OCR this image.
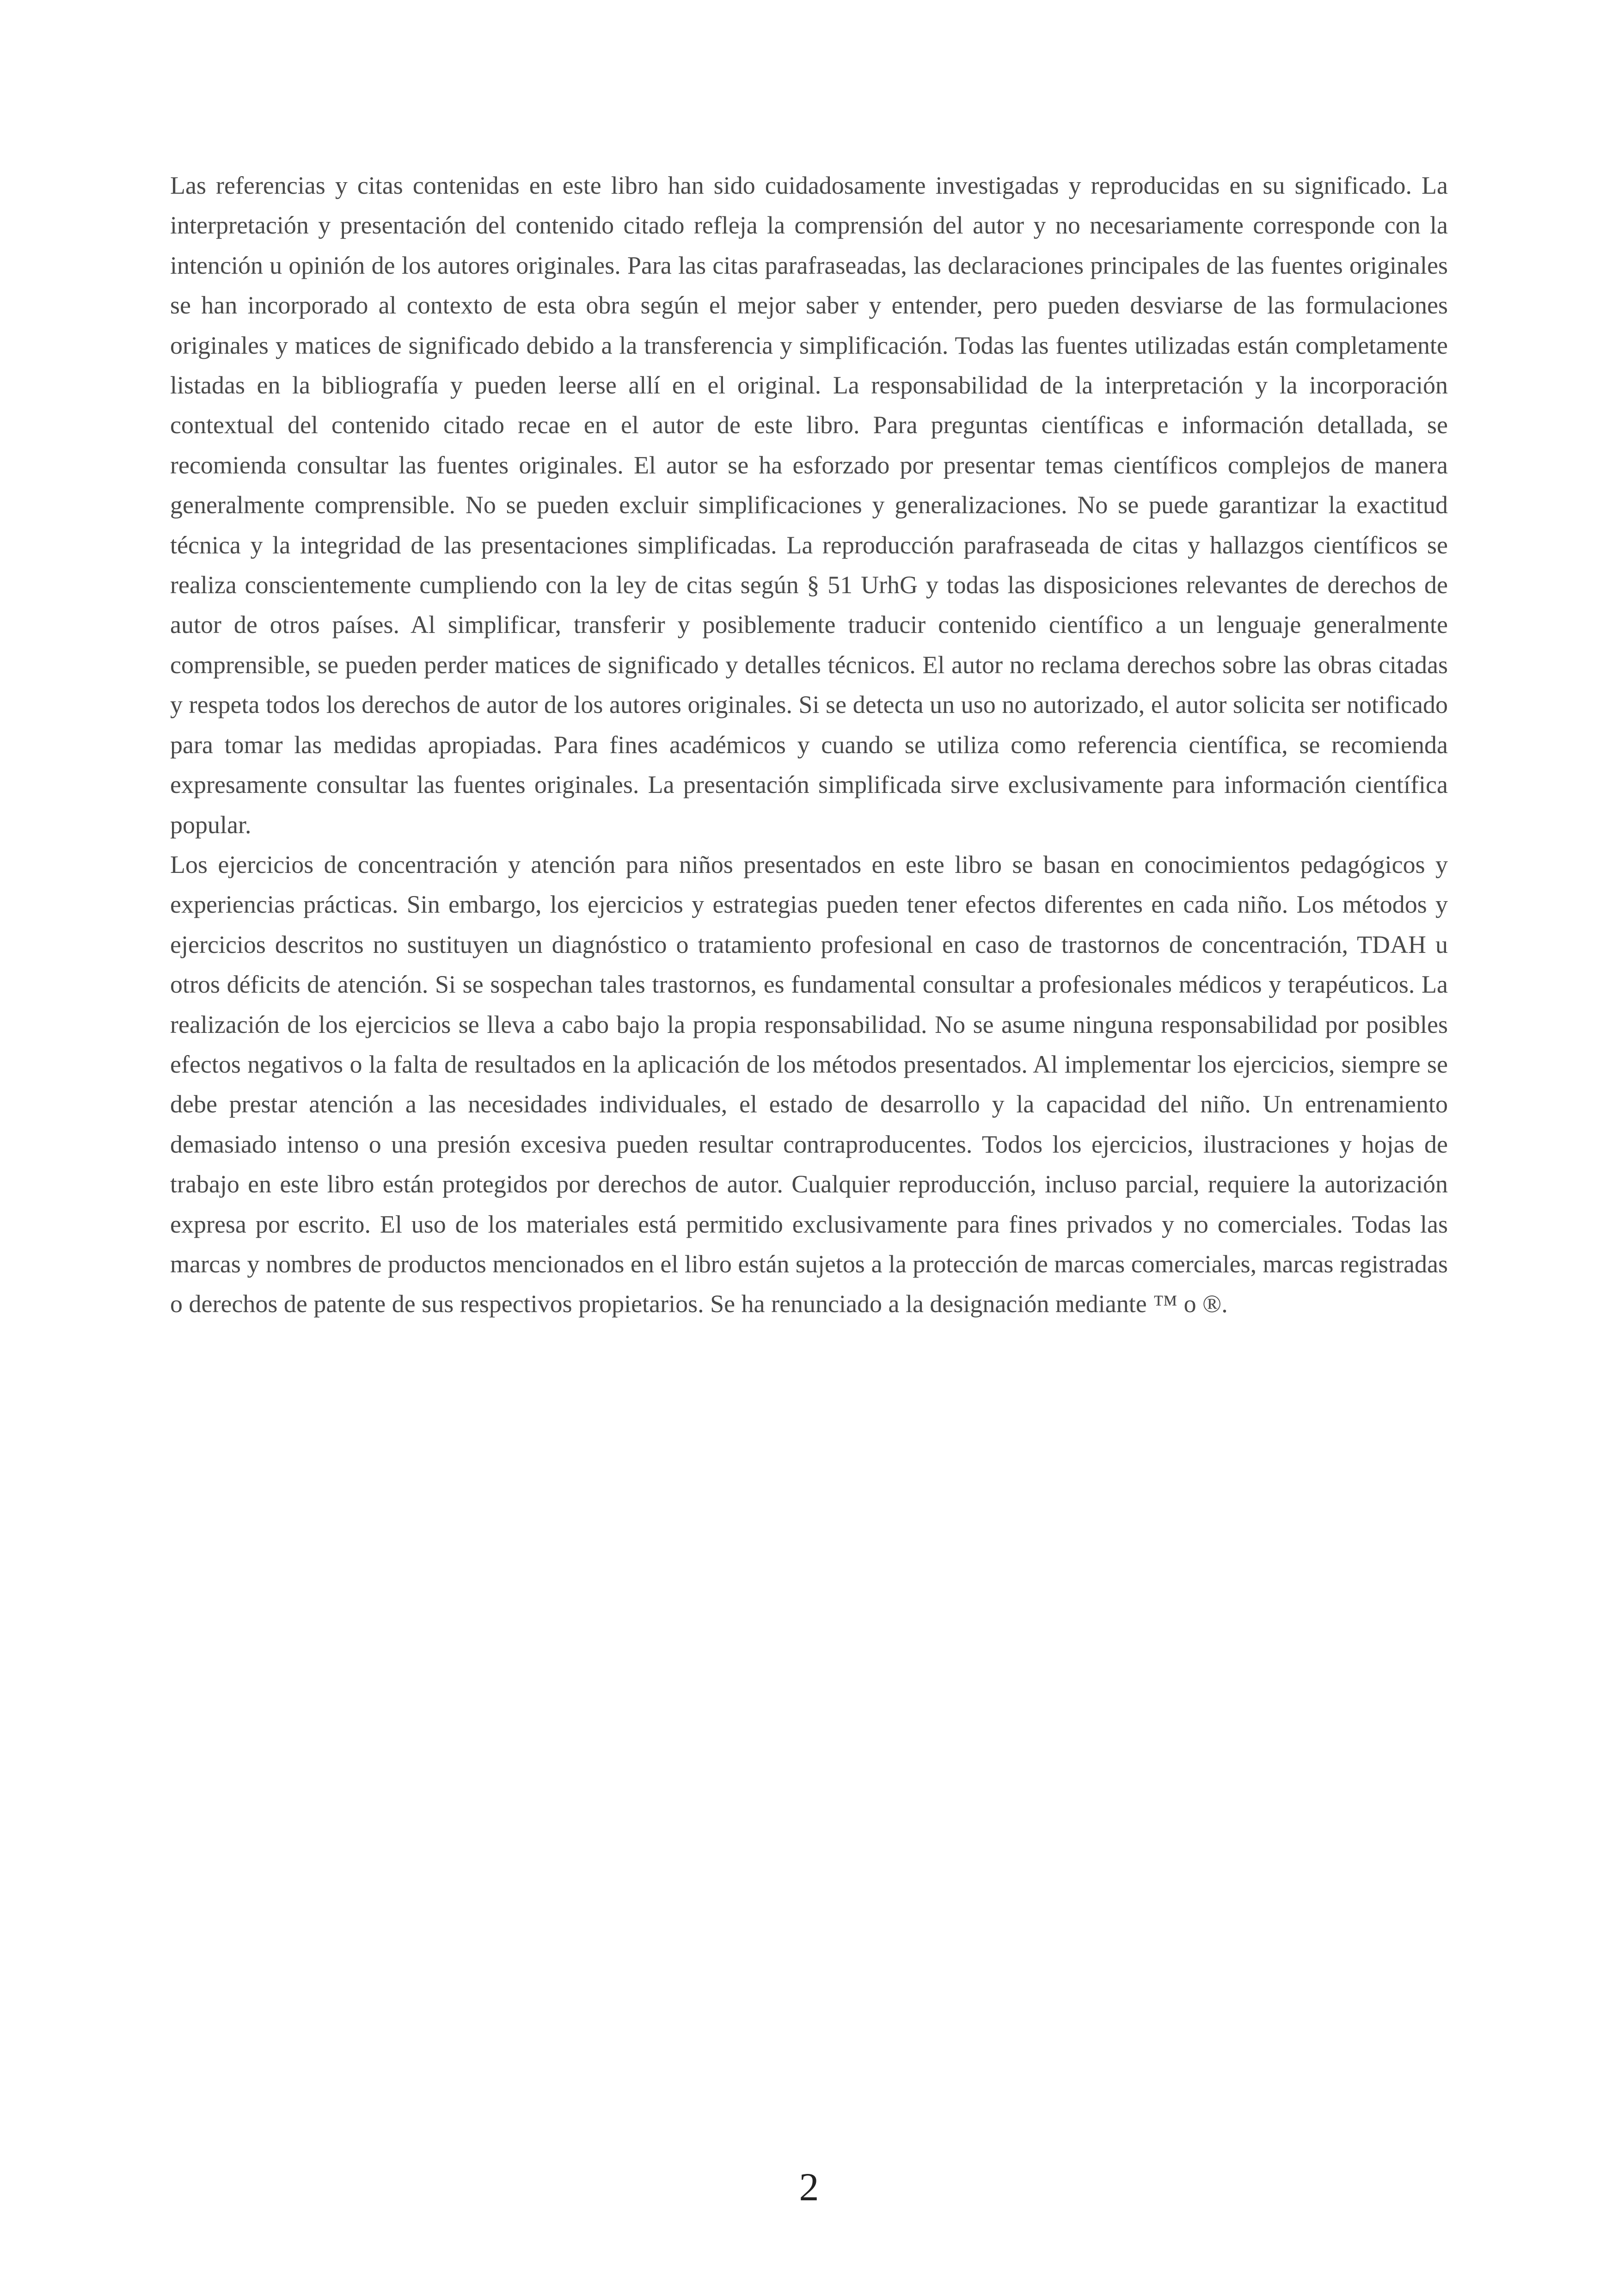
Las referencias y citas contenidas en este libro han sido cuidadosamente investigadas y reproducidas en su significado. La interpretación y presentación del contenido citado refleja la comprensión del autor y no necesariamente corresponde con la intención u opinión de los autores originales. Para las citas parafraseadas, las declaraciones principales de las fuentes originales se han incorporado al contexto de esta obra según el mejor saber y entender, pero pueden desviarse de las formulaciones originales y matices de significado debido a la transferencia y simplificación. Todas las fuentes utilizadas están completamente listadas en la bibliografía y pueden leerse allí en el original. La responsabilidad de la interpretación y la incorporación contextual del contenido citado recae en el autor de este libro. Para preguntas científicas e información detallada, se recomienda consultar las fuentes originales. El autor se ha esforzado por presentar temas científicos complejos de manera generalmente comprensible. No se pueden excluir simplificaciones y generalizaciones. No se puede garantizar la exactitud técnica y la integridad de las presentaciones simplificadas. La reproducción parafraseada de citas y hallazgos científicos se realiza conscientemente cumpliendo con la ley de citas según § 51 UrhG y todas las disposiciones relevantes de derechos de autor de otros países. Al simplificar, transferir y posiblemente traducir contenido científico a un lenguaje generalmente comprensible, se pueden perder matices de significado y detalles técnicos. El autor no reclama derechos sobre las obras citadas y respeta todos los derechos de autor de los autores originales. Si se detecta un uso no autorizado, el autor solicita ser notificado para tomar las medidas apropiadas. Para fines académicos y cuando se utiliza como referencia científica, se recomienda expresamente consultar las fuentes originales. La presentación simplificada sirve exclusivamente para información científica popular.

Los ejercicios de concentración y atención para niños presentados en este libro se basan en conocimientos pedagógicos y experiencias prácticas. Sin embargo, los ejercicios y estrategias pueden tener efectos diferentes en cada niño. Los métodos y ejercicios descritos no sustituyen un diagnóstico o tratamiento profesional en caso de trastornos de concentración, TDAH u otros déficits de atención. Si se sospechan tales trastornos, es fundamental consultar a profesionales médicos y terapéuticos. La realización de los ejercicios se lleva a cabo bajo la propia responsabilidad. No se asume ninguna responsabilidad por posibles efectos negativos o la falta de resultados en la aplicación de los métodos presentados. Al implementar los ejercicios, siempre se debe prestar atención a las necesidades individuales, el estado de desarrollo y la capacidad del niño. Un entrenamiento demasiado intenso o una presión excesiva pueden resultar contraproducentes. Todos los ejercicios, ilustraciones y hojas de trabajo en este libro están protegidos por derechos de autor. Cualquier reproducción, incluso parcial, requiere la autorización expresa por escrito. El uso de los materiales está permitido exclusivamente para fines privados y no comerciales. Todas las marcas y nombres de productos mencionados en el libro están sujetos a la protección de marcas comerciales, marcas registradas o derechos de patente de sus respectivos propietarios. Se ha renunciado a la designación mediante ™ o ®.

2
